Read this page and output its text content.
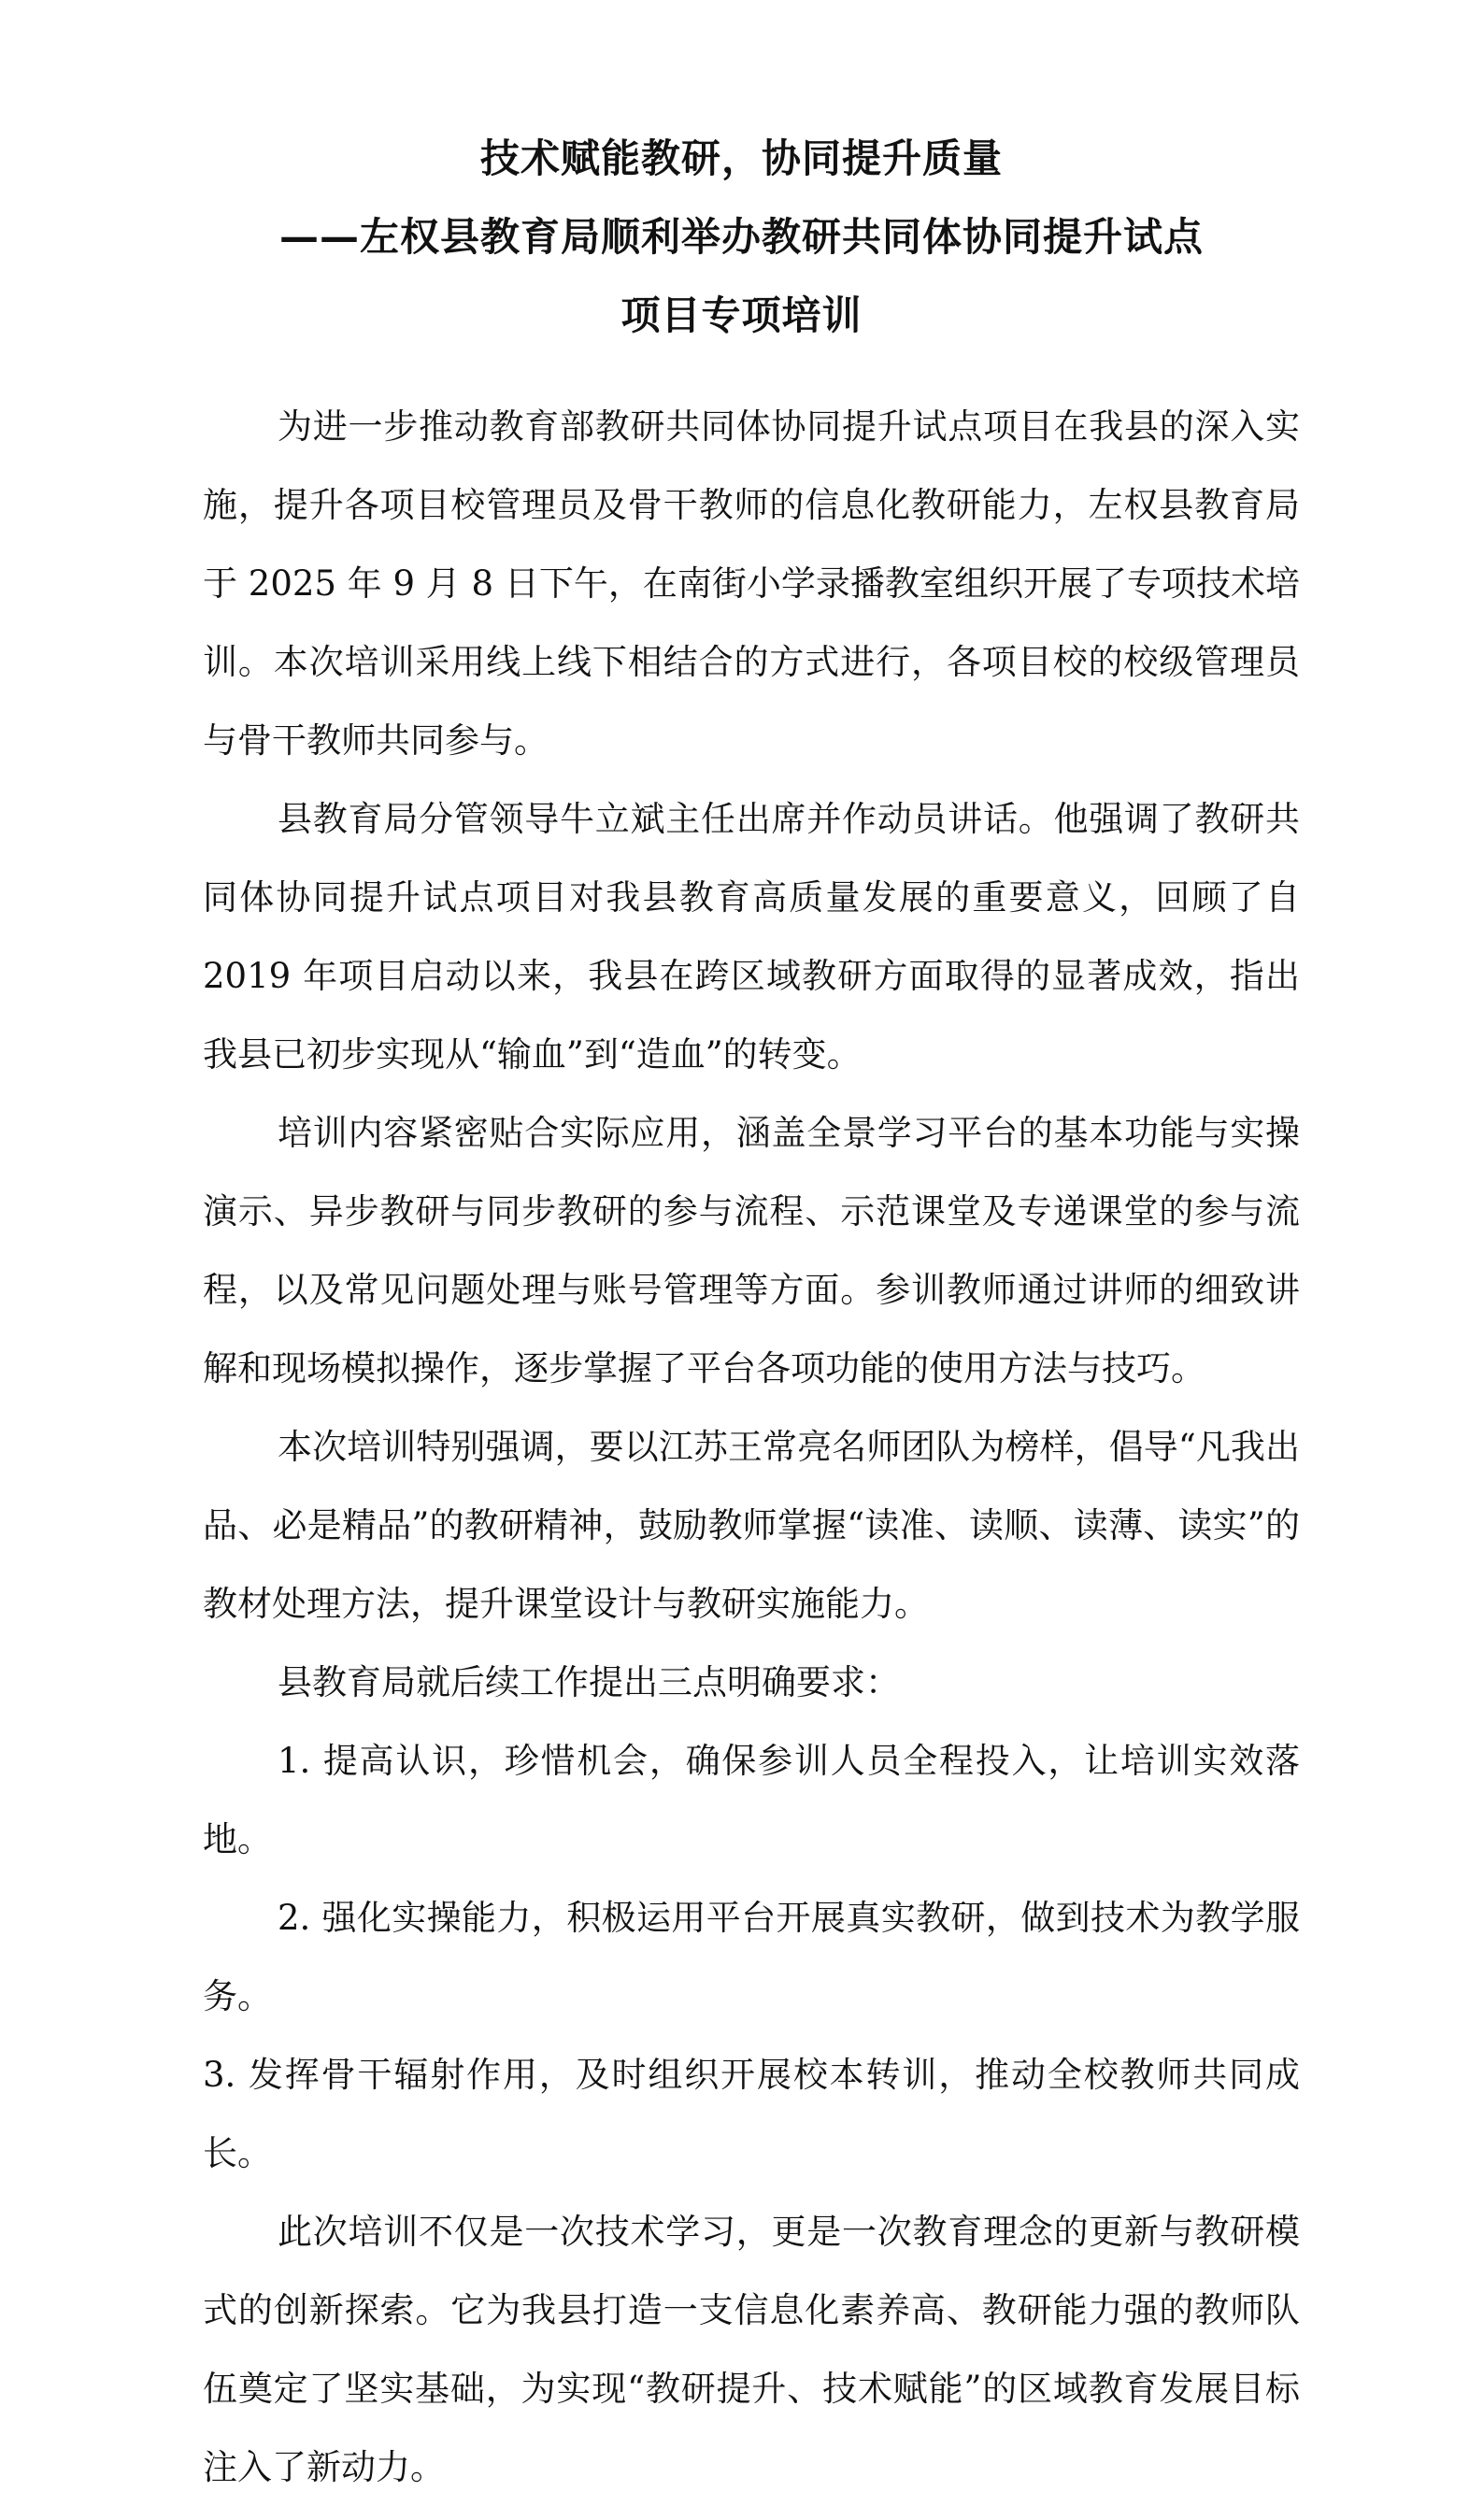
技术赋能教研，协同提升质量
——左权县教育局顺利举办教研共同体协同提升试点
项目专项培训

为进一步推动教育部教研共同体协同提升试点项目在我县的深入实施，提升各项目校管理员及骨干教师的信息化教研能力，左权县教育局于 2025 年 9 月 8 日下午，在南街小学录播教室组织开展了专项技术培训。本次培训采用线上线下相结合的方式进行，各项目校的校级管理员与骨干教师共同参与。

县教育局分管领导牛立斌主任出席并作动员讲话。他强调了教研共同体协同提升试点项目对我县教育高质量发展的重要意义，回顾了自 2019 年项目启动以来，我县在跨区域教研方面取得的显著成效，指出我县已初步实现从“输血”到“造血”的转变。

培训内容紧密贴合实际应用，涵盖全景学习平台的基本功能与实操演示、异步教研与同步教研的参与流程、示范课堂及专递课堂的参与流程，以及常见问题处理与账号管理等方面。参训教师通过讲师的细致讲解和现场模拟操作，逐步掌握了平台各项功能的使用方法与技巧。

本次培训特别强调，要以江苏王常亮名师团队为榜样，倡导“凡我出品、必是精品”的教研精神，鼓励教师掌握“读准、读顺、读薄、读实”的教材处理方法，提升课堂设计与教研实施能力。

县教育局就后续工作提出三点明确要求：

1. 提高认识，珍惜机会，确保参训人员全程投入，让培训实效落地。

2. 强化实操能力，积极运用平台开展真实教研，做到技术为教学服务。

3. 发挥骨干辐射作用，及时组织开展校本转训，推动全校教师共同成长。

此次培训不仅是一次技术学习，更是一次教育理念的更新与教研模式的创新探索。它为我县打造一支信息化素养高、教研能力强的教师队伍奠定了坚实基础，为实现“教研提升、技术赋能”的区域教育发展目标注入了新动力。
